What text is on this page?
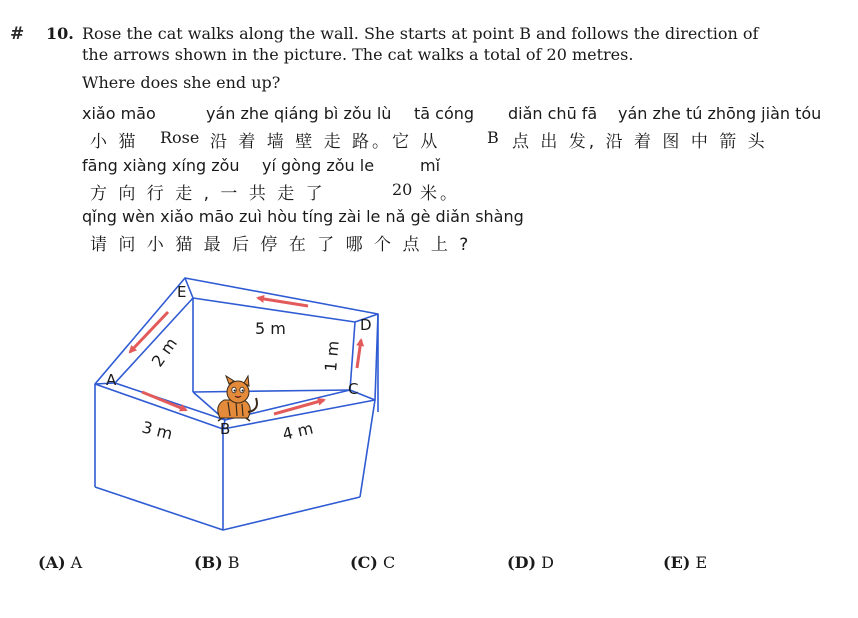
# 10. Rose the cat walks along the wall. She starts at point B and follows the direction of
the arrows shown in the picture. The cat walks a total of 20 metres.
Where does she end up?
xiǎo māo	yán zhe qiáng bì zǒu lù tā cóng diǎn chū fā yán zhe tú zhōng jiàn tóu
小 猫 Rose 沿 着 墙 壁 走 路。它 从	B 点 出 发, 沿 着 图 中 箭 头
fāng xiàng xíng zǒu yí gòng zǒu le	mǐ
方 向 行 走 , 一 共 走 了	20 米。
qǐng wèn xiǎo māo zuì hòu tíng zài le nǎ gè diǎn shàng
请 问 小 猫 最 后 停 在 了 哪 个 点 上 ?
A
B
C
D
E
5 m
2 m	1 m
3 m	4 m
(A) A	(B) B	(C) C	(D) D	(E) E
